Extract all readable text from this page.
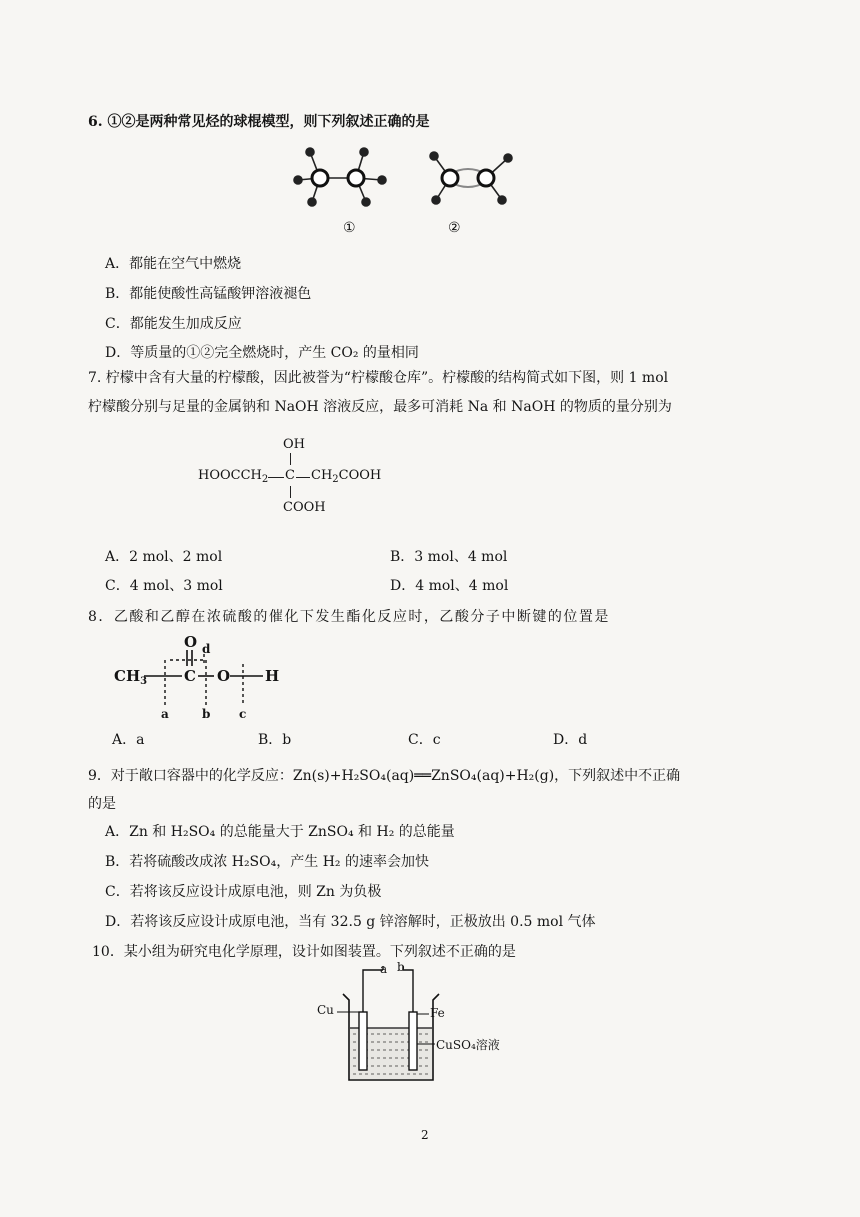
6. ①②是两种常见烃的球棍模型，则下列叙述正确的是
①	②
A．都能在空气中燃烧
B．都能使酸性高锰酸钾溶液褪色
C．都能发生加成反应
D．等质量的①②完全燃烧时，产生 CO₂ 的量相同
7. 柠檬中含有大量的柠檬酸，因此被誉为“柠檬酸仓库”。柠檬酸的结构简式如下图，则 1 mol
柠檬酸分别与足量的金属钠和 NaOH 溶液反应，最多可消耗 Na 和 NaOH 的物质的量分别为
OH
$HOOCCH_2$ C $CH_2COOH$
COOH
A．2 mol、2 mol	B．3 mol、4 mol
C．4 mol、3 mol	D．4 mol、4 mol
8．乙酸和乙醇在浓硫酸的催化下发生酯化反应时，乙酸分子中断键的位置是
$CH_3$
O
C O H
a	b c
d
A．a	B．b	C．c	D．d
9．对于敞口容器中的化学反应：Zn(s)+H₂SO₄(aq)══ZnSO₄(aq)+H₂(g)，下列叙述中不正确
的是
A．Zn 和 H₂SO₄ 的总能量大于 ZnSO₄ 和 H₂ 的总能量
B．若将硫酸改成浓 H₂SO₄，产生 H₂ 的速率会加快
C．若将该反应设计成原电池，则 Zn 为负极
D．若将该反应设计成原电池，当有 32.5 g 锌溶解时，正极放出 0.5 mol 气体
10．某小组为研究电化学原理，设计如图装置。下列叙述不正确的是
Cu	Fe
CuSO₄溶液
a b
2
